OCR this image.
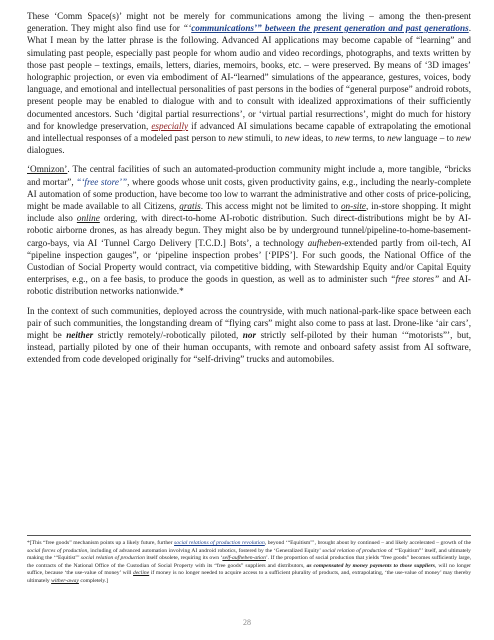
These ‘Comm Space(s)’ might not be merely for communications among the living – among the then-present generation. They might also find use for “‘communications’” between the present generation and past generations. What I mean by the latter phrase is the following. Advanced AI applications may become capable of “learning” and simulating past people, especially past people for whom audio and video recordings, photographs, and texts written by those past people – textings, emails, letters, diaries, memoirs, books, etc. – were preserved. By means of ‘3D images’ holographic projection, or even via embodiment of AI-“learned” simulations of the appearance, gestures, voices, body language, and emotional and intellectual personalities of past persons in the bodies of “general purpose” android robots, present people may be enabled to dialogue with and to consult with idealized approximations of their sufficiently documented ancestors. Such ‘digital partial resurrections’, or ‘virtual partial resurrections’, might do much for history and for knowledge preservation, especially if advanced AI simulations became capable of extrapolating the emotional and intellectual responses of a modeled past person to new stimuli, to new ideas, to new terms, to new language – to new dialogues.

‘Omnizon’. The central facilities of such an automated-production community might include a, more tangible, “bricks and mortar”, “‘free store’”, where goods whose unit costs, given productivity gains, e.g., including the nearly-complete AI automation of some production, have become too low to warrant the administrative and other costs of price-policing, might be made available to all Citizens, gratis. This access might not be limited to on-site, in-store shopping. It might include also online ordering, with direct-to-home AI-robotic distribution. Such direct-distributions might be by AI-robotic airborne drones, as has already begun. They might also be by underground tunnel/pipeline-to-home-basement-cargo-bays, via AI ‘Tunnel Cargo Delivery [T.C.D.] Bots’, a technology aufheben-extended partly from oil-tech, AI “pipeline inspection gauges”, or ‘pipeline inspection probes’ [‘PIPS’]. For such goods, the National Office of the Custodian of Social Property would contract, via competitive bidding, with Stewardship Equity and/or Capital Equity enterprises, e.g., on a fee basis, to produce the goods in question, as well as to administer such “free stores” and AI-robotic distribution networks nationwide.*

In the context of such communities, deployed across the countryside, with much national-park-like space between each pair of such communities, the longstanding dream of “flying cars” might also come to pass at last. Drone-like ‘air cars’, might be neither strictly remotely/-robotically piloted, nor strictly self-piloted by their human ‘“motorists”’, but, instead, partially piloted by one of their human occupants, with remote and onboard safety assist from AI software, extended from code developed originally for “self-driving” trucks and automobiles.

*[This “free goods” mechanism points up a likely future, further social relations of production revolution, beyond ‘“Equitism”’, brought about by continued – and likely accelerated – growth of the social forces of production, including of advanced automation involving AI android robotics, fostered by the ‘Generalized Equity’ social relation of production of ‘“Equitism”’ itself, and ultimately making the ‘“Equitist”’ social relation of production itself obsolete, requiring its own ‘self-aufheben-ation’. If the proportion of social production that yields “free goods” becomes sufficiently large, the contracts of the National Office of the Custodian of Social Property with its “free goods” suppliers and distributors, as compensated by money payments to those suppliers, will no longer suffice, because ‘the use-value of money’ will decline if money is no longer needed to acquire access to a sufficient plurality of products, and, extrapolating, ‘the use-value of money’ may thereby ultimately wither-away completely.]
28
